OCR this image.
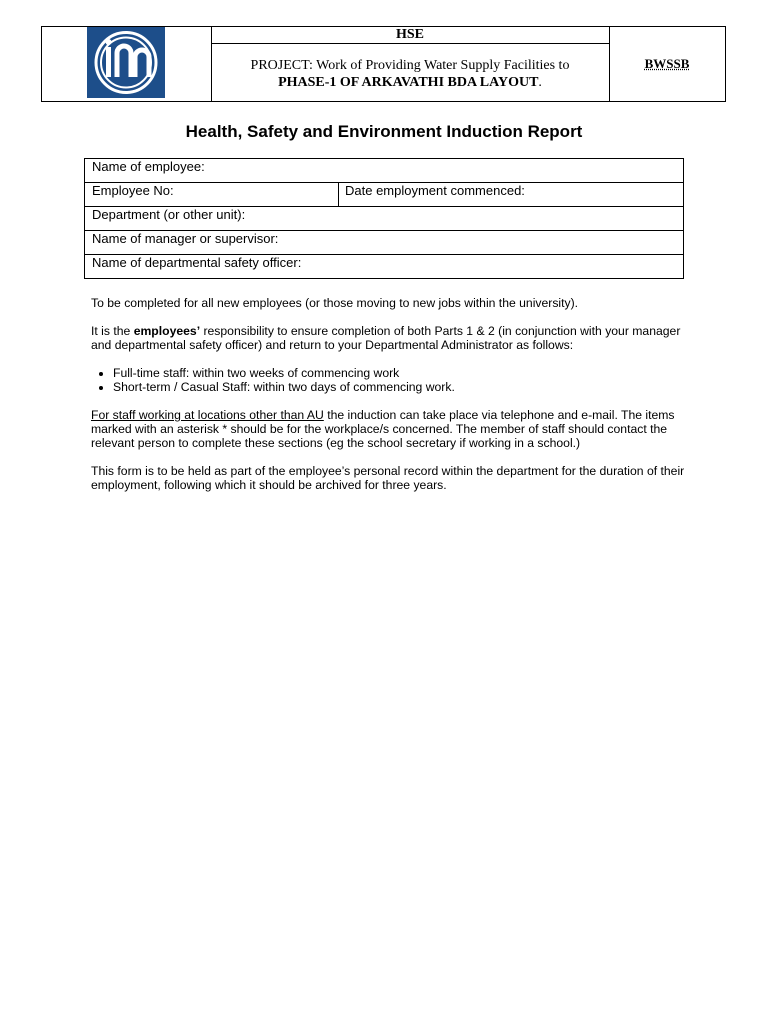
HSE
PROJECT: Work of Providing Water Supply Facilities to
PHASE-1 OF ARKAVATHI BDA LAYOUT.
BWSSB
Health, Safety and Environment Induction Report
Name of employee:
Employee No:	Date employment commenced:
Department (or other unit):
Name of manager or supervisor:
Name of departmental safety officer:

To be completed for all new employees (or those moving to new jobs within the university).

It is the employees’ responsibility to ensure completion of both Parts 1 & 2 (in conjunction with your manager and departmental safety officer) and return to your Departmental Administrator as follows:

• Full-time staff: within two weeks of commencing work
• Short-term / Casual Staff: within two days of commencing work.

For staff working at locations other than AU the induction can take place via telephone and e-mail. The items marked with an asterisk * should be for the workplace/s concerned. The member of staff should contact the relevant person to complete these sections (eg the school secretary if working in a school.)

This form is to be held as part of the employee’s personal record within the department for the duration of their employment, following which it should be archived for three years.
